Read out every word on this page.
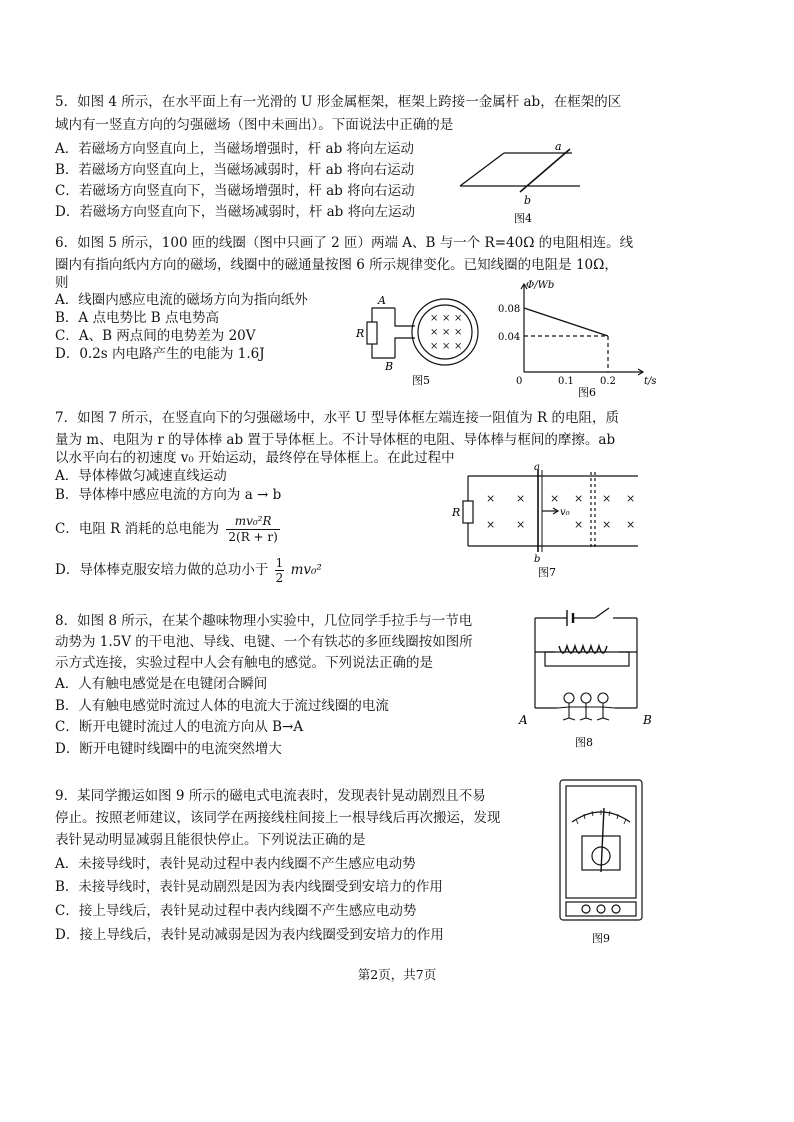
5．如图 4 所示，在水平面上有一光滑的 U 形金属框架，框架上跨接一金属杆 ab，在框架的区
域内有一竖直方向的匀强磁场（图中未画出）。下面说法中正确的是
A．若磁场方向竖直向上，当磁场增强时，杆 ab 将向左运动
B．若磁场方向竖直向上，当磁场减弱时，杆 ab 将向右运动
C．若磁场方向竖直向下，当磁场增强时，杆 ab 将向右运动
D．若磁场方向竖直向下，当磁场减弱时，杆 ab 将向左运动
a
b
图4
6．如图 5 所示，100 匝的线圈（图中只画了 2 匝）两端 A、B 与一个 R=40Ω 的电阻相连。线
圈内有指向纸内方向的磁场，线圈中的磁通量按图 6 所示规律变化。已知线圈的电阻是 10Ω，
则
A．线圈内感应电流的磁场方向为指向纸外
B．A 点电势比 B 点电势高
C．A、B 两点间的电势差为 20V
D．0.2s 内电路产生的电能为 1.6J
× × ×
× × ×
× × ×
A
B
R
图5
Φ/Wb
t/s
0.08
0.04
0	0.1	0.2
图6
7．如图 7 所示，在竖直向下的匀强磁场中，水平 U 型导体框左端连接一阻值为 R 的电阻，质
量为 m、电阻为 r 的导体棒 ab 置于导体框上。不计导体框的电阻、导体棒与框间的摩擦。ab
以水平向右的初速度 v₀ 开始运动，最终停在导体框上。在此过程中
A．导体棒做匀减速直线运动
B．导体棒中感应电流的方向为 a → b
C．电阻 R 消耗的总电能为 $\frac{\text{mv₀²R}}{2(R + r)}$
D．导体棒克服安培力做的总功小于 $\frac{1}{2} mv_0^2$
× × × × × ×
× ×	× × ×
a
b
R	v₀
图7
8．如图 8 所示，在某个趣味物理小实验中，几位同学手拉手与一节电
动势为 1.5V 的干电池、导线、电键、一个有铁芯的多匝线圈按如图所
示方式连接，实验过程中人会有触电的感觉。下列说法正确的是
A．人有触电感觉是在电键闭合瞬间
B．人有触电感觉时流过人体的电流大于流过线圈的电流
C．断开电键时流过人的电流方向从 B→A
D．断开电键时线圈中的电流突然增大
A	B
图8
9．某同学搬运如图 9 所示的磁电式电流表时，发现表针晃动剧烈且不易
停止。按照老师建议，该同学在两接线柱间接上一根导线后再次搬运，发现
表针晃动明显减弱且能很快停止。下列说法正确的是
A．未接导线时，表针晃动过程中表内线圈不产生感应电动势
B．未接导线时，表针晃动剧烈是因为表内线圈受到安培力的作用
C．接上导线后，表针晃动过程中表内线圈不产生感应电动势
D．接上导线后，表针晃动减弱是因为表内线圈受到安培力的作用	图9
第2页，共7页
